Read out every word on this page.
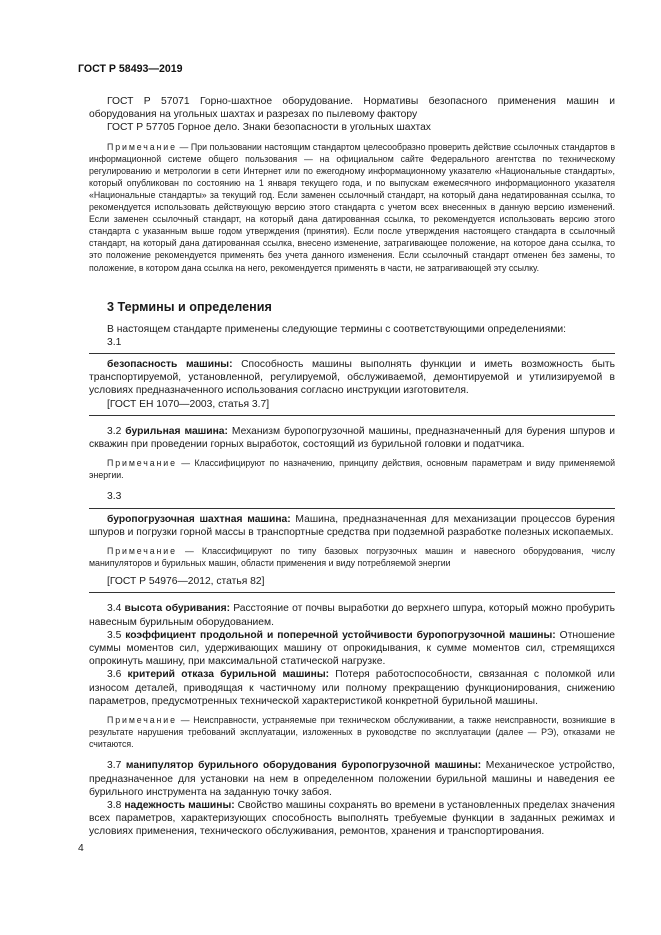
ГОСТ Р 58493—2019

ГОСТ Р 57071 Горно-шахтное оборудование. Нормативы безопасного применения машин и оборудования на угольных шахтах и разрезах по пылевому фактору

ГОСТ Р 57705 Горное дело. Знаки безопасности в угольных шахтах

Примечание — При пользовании настоящим стандартом целесообразно проверить действие ссылочных стандартов в информационной системе общего пользования — на официальном сайте Федерального агентства по техническому регулированию и метрологии в сети Интернет или по ежегодному информационному указателю «Национальные стандарты», который опубликован по состоянию на 1 января текущего года, и по выпускам ежемесячного информационного указателя «Национальные стандарты» за текущий год. Если заменен ссылочный стандарт, на который дана недатированная ссылка, то рекомендуется использовать действующую версию этого стандарта с учетом всех внесенных в данную версию изменений. Если заменен ссылочный стандарт, на который дана датированная ссылка, то рекомендуется использовать версию этого стандарта с указанным выше годом утверждения (принятия). Если после утверждения настоящего стандарта в ссылочный стандарт, на который дана датированная ссылка, внесено изменение, затрагивающее положение, на которое дана ссылка, то это положение рекомендуется применять без учета данного изменения. Если ссылочный стандарт отменен без замены, то положение, в котором дана ссылка на него, рекомендуется применять в части, не затрагивающей эту ссылку.

3 Термины и определения

В настоящем стандарте применены следующие термины с соответствующими определениями:

3.1

безопасность машины: Способность машины выполнять функции и иметь возможность быть транспортируемой, установленной, регулируемой, обслуживаемой, демонтируемой и утилизируемой в условиях предназначенного использования согласно инструкции изготовителя.

[ГОСТ ЕН 1070—2003, статья 3.7]

3.2 бурильная машина: Механизм буропогрузочной машины, предназначенный для бурения шпуров и скважин при проведении горных выработок, состоящий из бурильной головки и податчика.

Примечание — Классифицируют по назначению, принципу действия, основным параметрам и виду применяемой энергии.

3.3

буропогрузочная шахтная машина: Машина, предназначенная для механизации процессов бурения шпуров и погрузки горной массы в транспортные средства при подземной разработке полезных ископаемых.

Примечание — Классифицируют по типу базовых погрузочных машин и навесного оборудования, числу манипуляторов и бурильных машин, области применения и виду потребляемой энергии

[ГОСТ Р 54976—2012, статья 82]

3.4 высота обуривания: Расстояние от почвы выработки до верхнего шпура, который можно пробурить навесным бурильным оборудованием.

3.5 коэффициент продольной и поперечной устойчивости буропогрузочной машины: Отношение суммы моментов сил, удерживающих машину от опрокидывания, к сумме моментов сил, стремящихся опрокинуть машину, при максимальной статической нагрузке.

3.6 критерий отказа бурильной машины: Потеря работоспособности, связанная с поломкой или износом деталей, приводящая к частичному или полному прекращению функционирования, снижению параметров, предусмотренных технической характеристикой конкретной бурильной машины.

Примечание — Неисправности, устраняемые при техническом обслуживании, а также неисправности, возникшие в результате нарушения требований эксплуатации, изложенных в руководстве по эксплуатации (далее — РЭ), отказами не считаются.

3.7 манипулятор бурильного оборудования буропогрузочной машины: Механическое устройство, предназначенное для установки на нем в определенном положении бурильной машины и наведения ее бурильного инструмента на заданную точку забоя.

3.8 надежность машины: Свойство машины сохранять во времени в установленных пределах значения всех параметров, характеризующих способность выполнять требуемые функции в заданных режимах и условиях применения, технического обслуживания, ремонтов, хранения и транспортирования.

4
